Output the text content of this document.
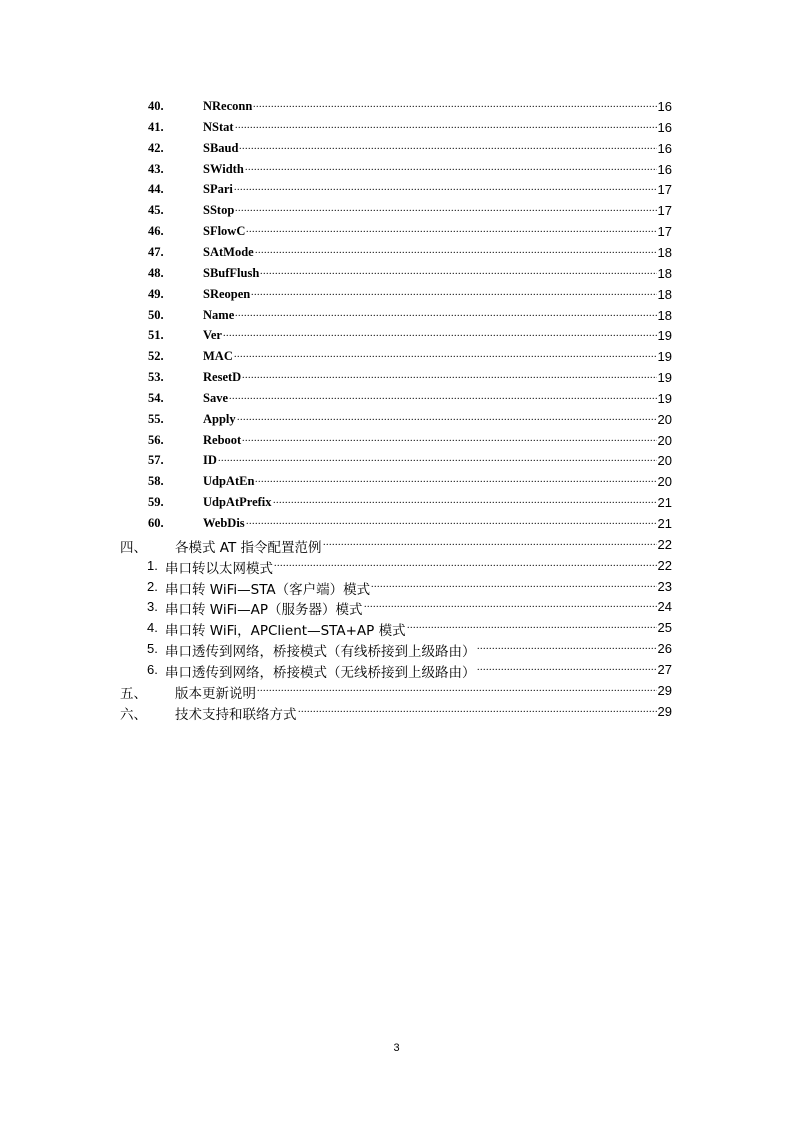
40.	NReconn .....	16
41.	NStat .....	16
42.	SBaud .....	16
43.	SWidth .....	16
44.	SPari .....	17
45.	SStop .....	17
46.	SFlowC .....	17
47.	SAtMode .....	18
48.	SBufFlush .....	18
49.	SReopen .....	18
50.	Name .....	18
51.	Ver .....	19
52.	MAC .....	19
53.	ResetD .....	19
54.	Save .....	19
55.	Apply .....	20
56.	Reboot .....	20
57.	ID .....	20
58.	UdpAtEn .....	20
59.	UdpAtPrefix .....	21
60.	WebDis .....	21
四、 各模式 AT 指令配置范例 .....	22
1. 串口转以太网模式 .....	22
2. 串口转 WiFi—STA（客户端）模式 .....	23
3. 串口转 WiFi—AP（服务器）模式 .....	24
4. 串口转 WiFi，APClient—STA+AP 模式 .....	25
5. 串口透传到网络，桥接模式（有线桥接到上级路由） .....	26
6. 串口透传到网络，桥接模式（无线桥接到上级路由） .....	27
五、 版本更新说明 .....	29
六、 技术支持和联络方式 .....	29
3
